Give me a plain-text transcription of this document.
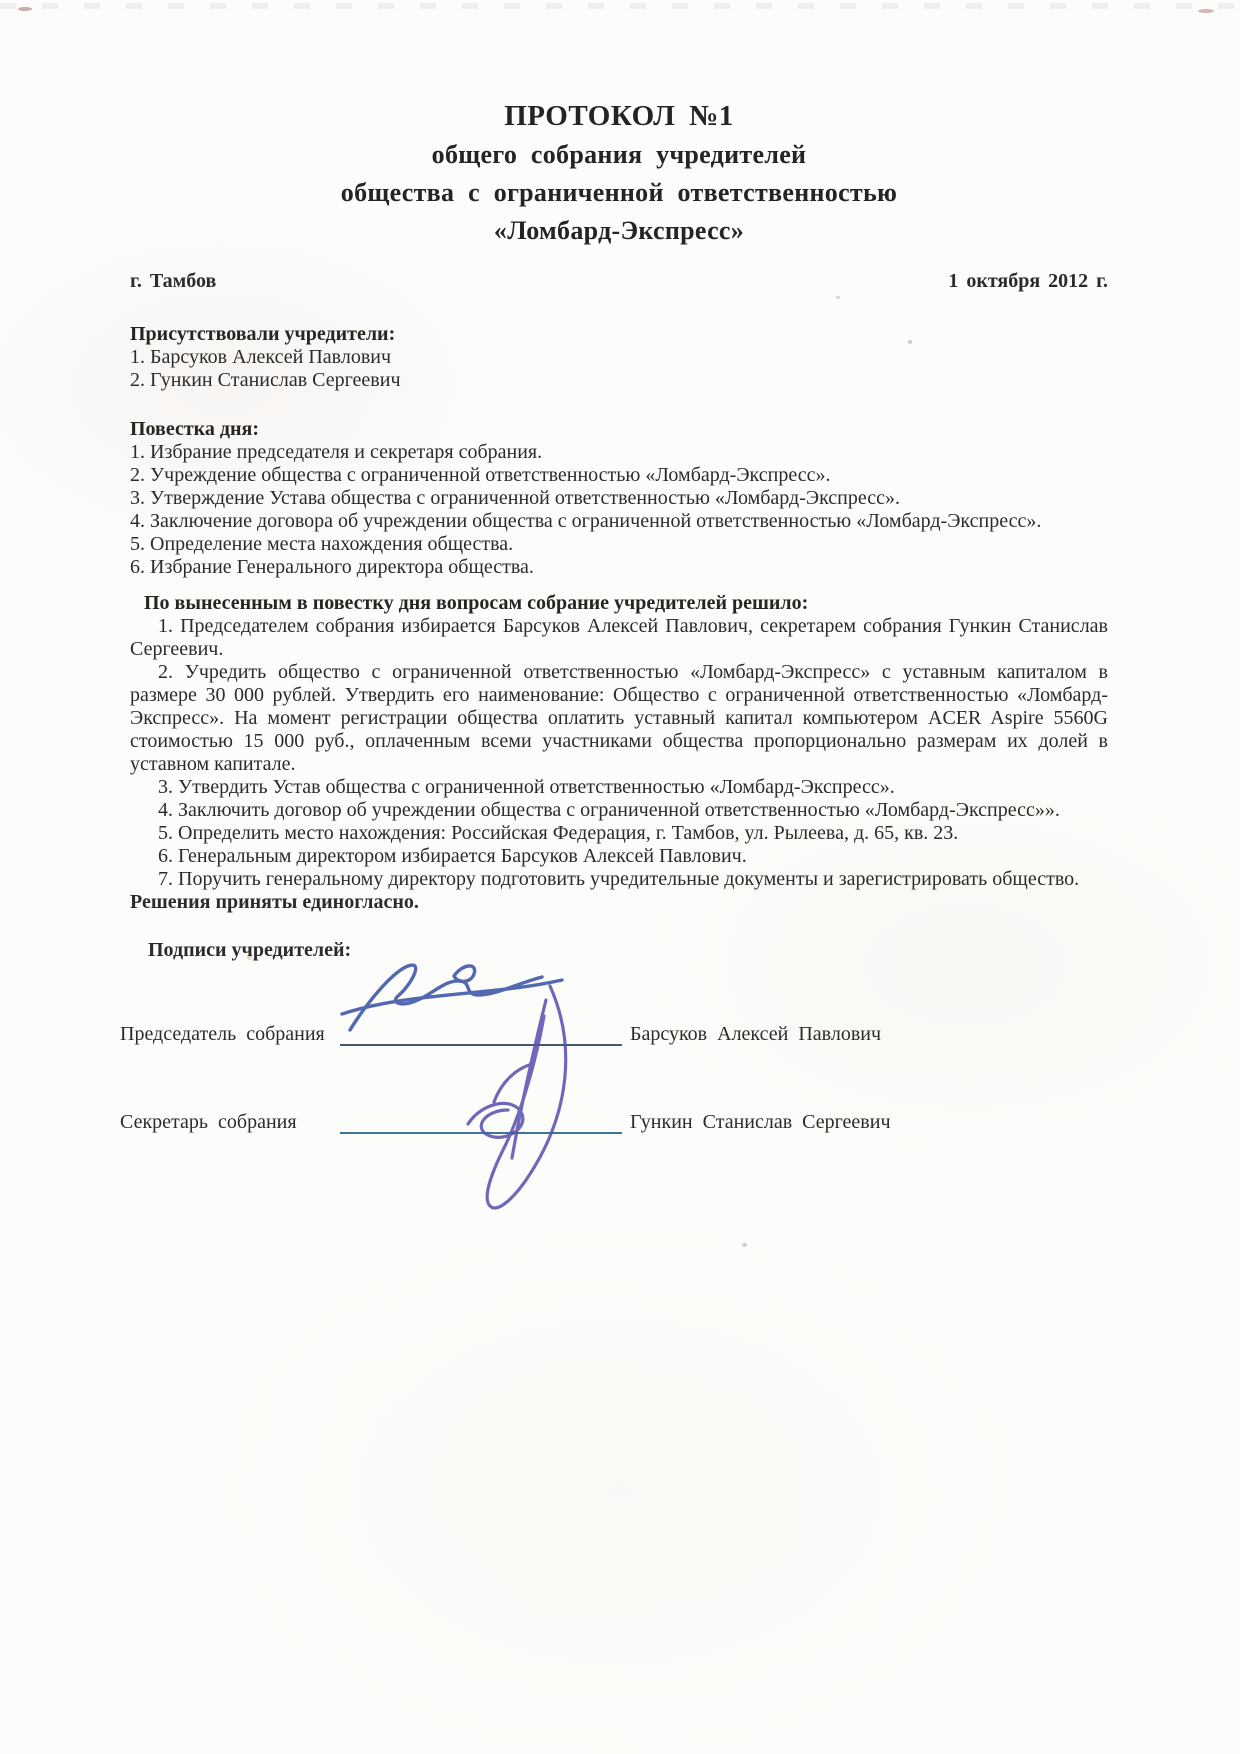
ПРОТОКОЛ №1
общего собрания учредителей
общества с ограниченной ответственностью
«Ломбард-Экспресс»
г. Тамбов	1 октября 2012 г.
Присутствовали учредители:
1. Барсуков Алексей Павлович
2. Гункин Станислав Сергеевич
Повестка дня:
1. Избрание председателя и секретаря собрания.
2. Учреждение общества с ограниченной ответственностью «Ломбард-Экспресс».
3. Утверждение Устава общества с ограниченной ответственностью «Ломбард-Экспресс».
4. Заключение договора об учреждении общества с ограниченной ответственностью «Ломбард-Экспресс».
5. Определение места нахождения общества.
6. Избрание Генерального директора общества.
По вынесенным в повестку дня вопросам собрание учредителей решило:

1. Председателем собрания избирается Барсуков Алексей Павлович, секретарем собрания Гункин Станислав Сергеевич.

2. Учредить общество с ограниченной ответственностью «Ломбард-Экспресс» с уставным капиталом в размере 30 000 рублей. Утвердить его наименование: Общество с ограниченной ответственностью «Ломбард-Экспресс». На момент регистрации общества оплатить уставный капитал компьютером ACER Aspire 5560G стоимостью 15 000 руб., оплаченным всеми участниками общества пропорционально размерам их долей в уставном капитале.

3. Утвердить Устав общества с ограниченной ответственностью «Ломбард-Экспресс».

4. Заключить договор об учреждении общества с ограниченной ответственностью «Ломбард-Экспресс»».

5. Определить место нахождения: Российская Федерация, г. Тамбов, ул. Рылеева, д. 65, кв. 23.

6. Генеральным директором избирается Барсуков Алексей Павлович.

7. Поручить генеральному директору подготовить учредительные документы и зарегистрировать общество.

Решения приняты единогласно.
Подписи учредителей:
Председатель собрания	Барсуков Алексей Павлович
Секретарь собрания	Гункин Станислав Сергеевич
